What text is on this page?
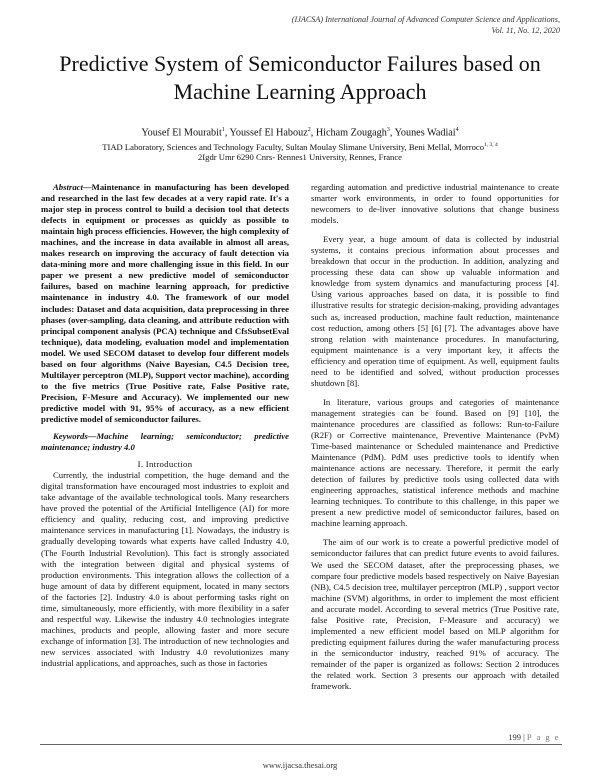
(IJACSA) International Journal of Advanced Computer Science and Applications,
Vol. 11, No. 12, 2020
Predictive System of Semiconductor Failures based on Machine Learning Approach
Yousef El Mourabit$^1$, Youssef El Habouz$^2$, Hicham Zougagh$^3$, Younes Wadiai$^4$
TIAD Laboratory, Sciences and Technology Faculty, Sultan Moulay Slimane University, Beni Mellal, Morroco$^{1, 3, 4}$
2Igdr Umr 6290 Cnrs- Rennes1 University, Rennes, France

Abstract—Maintenance in manufacturing has been developed and researched in the last few decades at a very rapid rate. It's a major step in process control to build a decision tool that detects defects in equipment or processes as quickly as possible to maintain high process efficiencies. However, the high complexity of machines, and the increase in data available in almost all areas, makes research on improving the accuracy of fault detection via data-mining more and more challenging issue in this field. In our paper we present a new predictive model of semiconductor failures, based on machine learning approach, for predictive maintenance in industry 4.0. The framework of our model includes: Dataset and data acquisition, data preprocessing in three phases (over-sampling, data cleaning, and attribute reduction with principal component analysis (PCA) technique and CfsSubsetEval technique), data modeling, evaluation model and implementation model. We used SECOM dataset to develop four different models based on four algorithms (Naive Bayesian, C4.5 Decision tree, Multilayer perceptron (MLP), Support vector machine), according to the five metrics (True Positive rate, False Positive rate, Precision, F-Mesure and Accuracy). We implemented our new predictive model with 91, 95% of accuracy, as a new efficient predictive model of semiconductor failures.

Keywords—Machine learning; semiconductor; predictive maintenance; industry 4.0

I. Introduction

Currently, the industrial competition, the huge demand and the digital transformation have encouraged most industries to exploit and take advantage of the available technological tools. Many researchers have proved the potential of the Artificial Intelligence (AI) for more efficiency and quality, reducing cost, and improving predictive maintenance services in manufacturing [1]. Nowadays, the industry is gradually developing towards what experts have called Industry 4.0, (The Fourth Industrial Revolution). This fact is strongly associated with the integration between digital and physical systems of production environments. This integration allows the collection of a huge amount of data by different equipment, located in many sectors of the factories [2]. Industry 4.0 is about performing tasks right on time, simultaneously, more efficiently, with more flexibility in a safer and respectful way. Likewise the industry 4.0 technologies integrate machines, products and people, allowing faster and more secure exchange of information [3]. The introduction of new technologies and new services associated with Industry 4.0 revolutionizes many industrial applications, and approaches, such as those in factories

regarding automation and predictive industrial maintenance to create smarter work environments, in order to found opportunities for newcomers to de-liver innovative solutions that change business models.

Every year, a huge amount of data is collected by industrial systems, it contains precious information about processes and breakdown that occur in the production. In addition, analyzing and processing these data can show up valuable information and knowledge from system dynamics and manufacturing process [4]. Using various approaches based on data, it is possible to find illustrative results for strategic decision-making, providing advantages such as, increased production, machine fault reduction, maintenance cost reduction, among others [5] [6] [7]. The advantages above have strong relation with maintenance procedures. In manufacturing, equipment maintenance is a very important key, it affects the efficiency and operation time of equipment. As well, equipment faults need to be identified and solved, without production processes shutdown [8].

In literature, various groups and categories of maintenance management strategies can be found. Based on [9] [10], the maintenance procedures are classified as follows: Run-to-Failure (R2F) or Corrective maintenance, Preventive Maintenance (PvM) Time-based maintenance or Scheduled maintenance and Predictive Maintenance (PdM). PdM uses predictive tools to identify when maintenance actions are necessary. Therefore, it permit the early detection of failures by predictive tools using collected data with engineering approaches, statistical inference methods and machine learning techniques. To contribute to this challenge, in this paper we present a new predictive model of semiconductor failures, based on machine learning approach.

The aim of our work is to create a powerful predictive model of semiconductor failures that can predict future events to avoid failures. We used the SECOM dataset, after the preprocessing phases, we compare four predictive models based respectively on Naive Bayesian (NB), C4.5 decision tree, multilayer perceptron (MLP) , support vector machine (SVM) algorithms, in order to implement the most efficient and accurate model. According to several metrics (True Positive rate, false Positive rate, Precision, F-Measure and accuracy) we implemented a new efficient model based on MLP algorithm for predicting equipment failures during the wafer manufacturing process in the semiconductor industry, reached 91% of accuracy. The remainder of the paper is organized as follows: Section 2 introduces the related work. Section 3 presents our approach with detailed framework.

199 | P a g e
www.ijacsa.thesai.org
